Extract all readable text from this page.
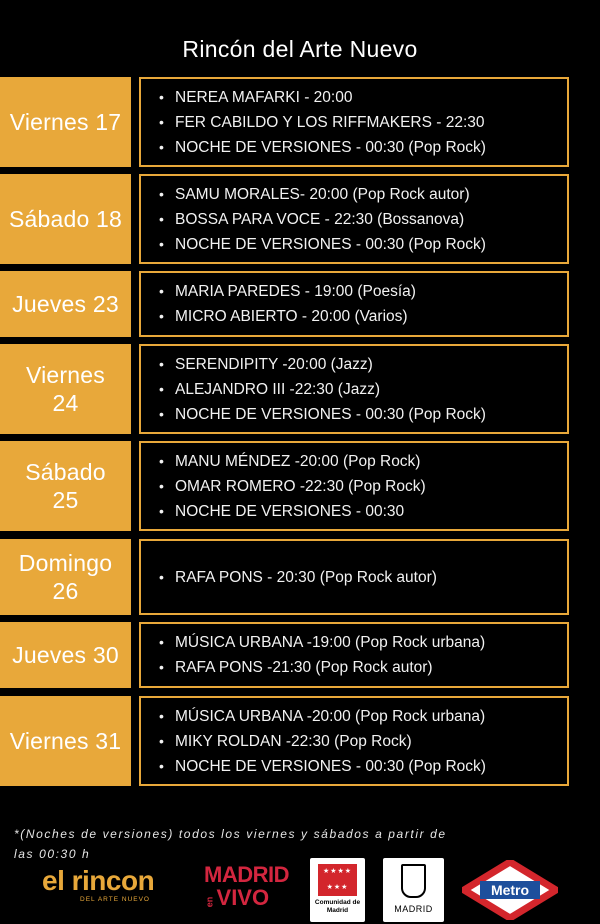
Rincón del Arte Nuevo
Viernes 17
• NEREA MAFARKI - 20:00
• FER CABILDO Y LOS RIFFMAKERS - 22:30
• NOCHE DE VERSIONES - 00:30 (Pop Rock)
Sábado 18
• SAMU MORALES- 20:00 (Pop Rock autor)
• BOSSA PARA VOCE - 22:30 (Bossanova)
• NOCHE DE VERSIONES - 00:30 (Pop Rock)
Jueves 23	• MARIA PAREDES - 19:00 (Poesía)
• MICRO ABIERTO - 20:00 (Varios)
Viernes 24
• SERENDIPITY -20:00 (Jazz)
• ALEJANDRO III -22:30 (Jazz)
• NOCHE DE VERSIONES - 00:30 (Pop Rock)
Sábado 25
• MANU MÉNDEZ -20:00 (Pop Rock)
• OMAR ROMERO -22:30 (Pop Rock)
• NOCHE DE VERSIONES - 00:30
Domingo 26
• RAFA PONS - 20:30 (Pop Rock autor)
Jueves 30	• MÚSICA URBANA -19:00 (Pop Rock urbana)
• RAFA PONS -21:30 (Pop Rock autor)
Viernes 31
• MÚSICA URBANA -20:00 (Pop Rock urbana)
• MIKY ROLDAN -22:30 (Pop Rock)
• NOCHE DE VERSIONES - 00:30 (Pop Rock)
*(Noches de versiones) todos los viernes y sábados a partir de las 00:30 h
el rincon
DEL ARTE NUEVO
MADRID
en VIVO
★★★★
★★★
Comunidad de Madrid	MADRID
Metro
